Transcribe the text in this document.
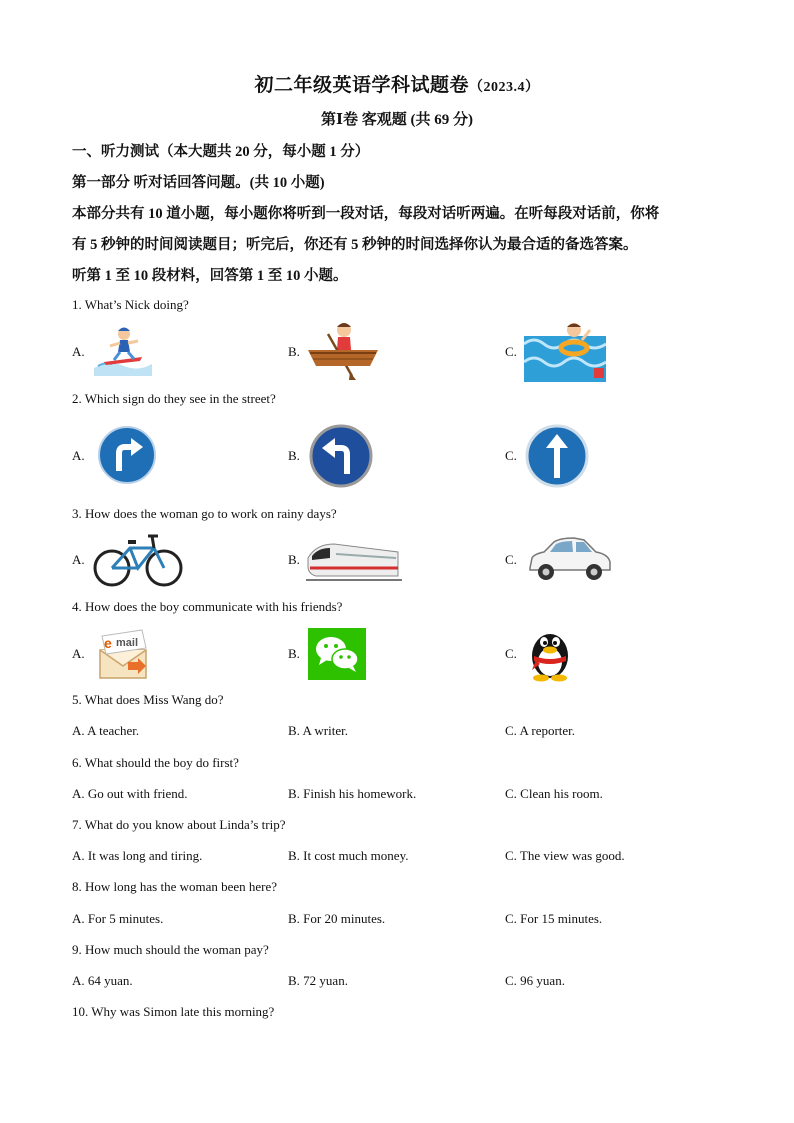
初二年级英语学科试题卷（2023.4）
第Ⅰ卷 客观题 (共 69 分)
一、听力测试（本大题共 20 分，每小题 1 分）
第一部分 听对话回答问题。(共 10 小题)
本部分共有 10 道小题，每小题你将听到一段对话，每段对话听两遍。在听每段对话前，你将
有 5 秒钟的时间阅读题目；听完后，你还有 5 秒钟的时间选择你认为最合适的备选答案。
听第 1 至 10 段材料，回答第 1 至 10 小题。
1. What’s Nick doing?
A.	B.	C.
2. Which sign do they see in the street?
A.	B.	C.
3. How does the woman go to work on rainy days?
A.	B.	C.
4. How does the boy communicate with his friends?
A.	B.	C.
e mail
5. What does Miss Wang do?
A. A teacher.	B. A writer.	C. A reporter.
6. What should the boy do first?
A. Go out with friend.	B. Finish his homework.	C. Clean his room.
7. What do you know about Linda’s trip?
A. It was long and tiring.	B. It cost much money.	C. The view was good.
8. How long has the woman been here?
A. For 5 minutes.	B. For 20 minutes.	C. For 15 minutes.
9. How much should the woman pay?
A. 64 yuan.	B. 72 yuan.	C. 96 yuan.
10. Why was Simon late this morning?
